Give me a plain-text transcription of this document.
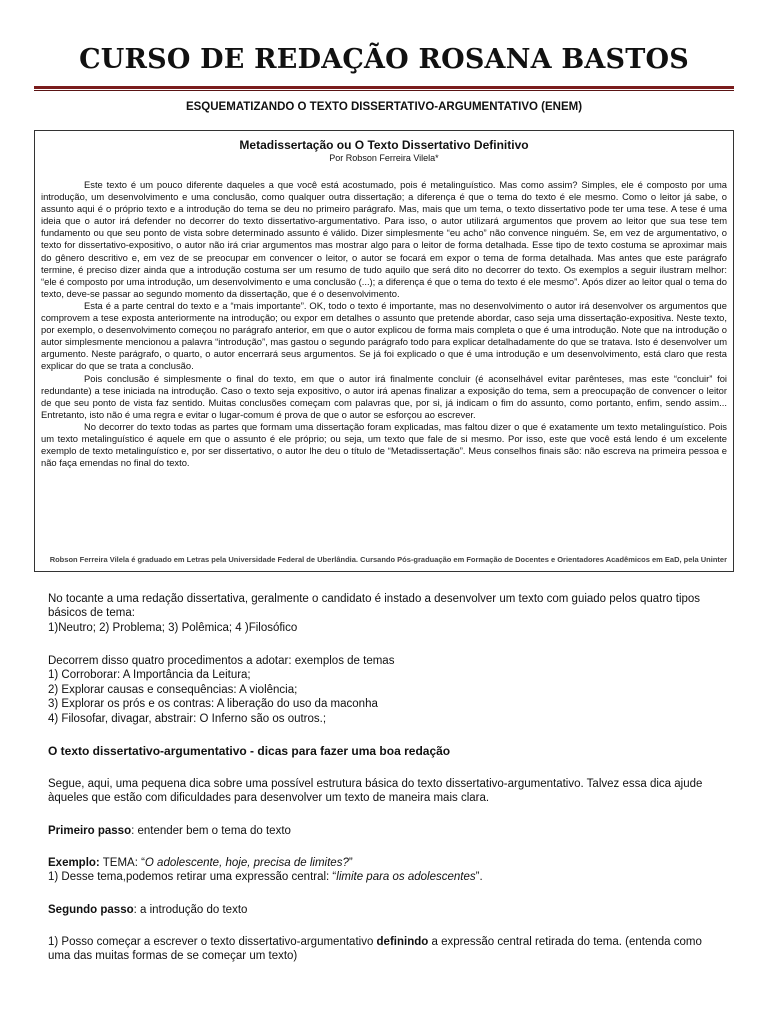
CURSO DE REDAÇÃO ROSANA BASTOS
ESQUEMATIZANDO O TEXTO DISSERTATIVO-ARGUMENTATIVO (ENEM)
Metadissertação ou O Texto Dissertativo Definitivo
Por Robson Ferreira Vilela*

Este texto é um pouco diferente daqueles a que você está acostumado, pois é metalinguístico. Mas como assim? Simples, ele é composto por uma introdução, um desenvolvimento e uma conclusão, como qualquer outra dissertação; a diferença é que o tema do texto é ele mesmo. Como o leitor já sabe, o assunto aqui é o próprio texto e a introdução do tema se deu no primeiro parágrafo. Mas, mais que um tema, o texto dissertativo pode ter uma tese. A tese é uma ideia que o autor irá defender no decorrer do texto dissertativo-argumentativo. Para isso, o autor utilizará argumentos que provem ao leitor que sua tese tem fundamento ou que seu ponto de vista sobre determinado assunto é válido. Dizer simplesmente “eu acho” não convence ninguém. Se, em vez de argumentativo, o texto for dissertativo-expositivo, o autor não irá criar argumentos mas mostrar algo para o leitor de forma detalhada. Esse tipo de texto costuma se aproximar mais do gênero descritivo e, em vez de se preocupar em convencer o leitor, o autor se focará em expor o tema de forma detalhada. Mas antes que este parágrafo termine, é preciso dizer ainda que a introdução costuma ser um resumo de tudo aquilo que será dito no decorrer do texto. Os exemplos a seguir ilustram melhor: “ele é composto por uma introdução, um desenvolvimento e uma conclusão (...); a diferença é que o tema do texto é ele mesmo”. Após dizer ao leitor qual o tema do texto, deve-se passar ao segundo momento da dissertação, que é o desenvolvimento.

Esta é a parte central do texto e a “mais importante”. OK, todo o texto é importante, mas no desenvolvimento o autor irá desenvolver os argumentos que comprovem a tese exposta anteriormente na introdução; ou expor em detalhes o assunto que pretende abordar, caso seja uma dissertação-expositiva. Neste texto, por exemplo, o desenvolvimento começou no parágrafo anterior, em que o autor explicou de forma mais completa o que é uma introdução. Note que na introdução o autor simplesmente mencionou a palavra “introdução”, mas gastou o segundo parágrafo todo para explicar detalhadamente do que se tratava. Isto é desenvolver um argumento. Neste parágrafo, o quarto, o autor encerrará seus argumentos. Se já foi explicado o que é uma introdução e um desenvolvimento, está claro que resta explicar do que se trata a conclusão.

Pois conclusão é simplesmente o final do texto, em que o autor irá finalmente concluir (é aconselhável evitar parênteses, mas este “concluir” foi redundante) a tese iniciada na introdução. Caso o texto seja expositivo, o autor irá apenas finalizar a exposição do tema, sem a preocupação de convencer o leitor de que seu ponto de vista faz sentido. Muitas conclusões começam com palavras que, por si, já indicam o fim do assunto, como portanto, enfim, sendo assim... Entretanto, isto não é uma regra e evitar o lugar-comum é prova de que o autor se esforçou ao escrever.

No decorrer do texto todas as partes que formam uma dissertação foram explicadas, mas faltou dizer o que é exatamente um texto metalinguístico. Pois um texto metalinguístico é aquele em que o assunto é ele próprio; ou seja, um texto que fale de si mesmo. Por isso, este que você está lendo é um excelente exemplo de texto metalinguístico e, por ser dissertativo, o autor lhe deu o título de “Metadissertação”. Meus conselhos finais são: não escreva na primeira pessoa e não faça emendas no final do texto.

Robson Ferreira Vilela é graduado em Letras pela Universidade Federal de Uberlândia. Cursando Pós-graduação em Formação de Docentes e Orientadores Acadêmicos em EaD, pela Uninter
No tocante a uma redação dissertativa, geralmente o candidato é instado a desenvolver um texto com guiado pelos quatro tipos
básicos de tema:
1)Neutro; 2) Problema; 3) Polêmica; 4 )Filosófico
Decorrem disso quatro procedimentos a adotar: exemplos de temas
1) Corroborar: A Importância da Leitura;
2) Explorar causas e consequências: A violência;
3) Explorar os prós e os contras: A liberação do uso da maconha
4) Filosofar, divagar, abstrair: O Inferno são os outros.;
O texto dissertativo-argumentativo - dicas para fazer uma boa redação
Segue, aqui, uma pequena dica sobre uma possível estrutura básica do texto dissertativo-argumentativo. Talvez essa dica ajude
àqueles que estão com dificuldades para desenvolver um texto de maneira mais clara.
Primeiro passo: entender bem o tema do texto
Exemplo: TEMA: “O adolescente, hoje, precisa de limites?”
1) Desse tema,podemos retirar uma expressão central: “limite para os adolescentes”.
Segundo passo: a introdução do texto
1) Posso começar a escrever o texto dissertativo-argumentativo definindo a expressão central retirada do tema. (entenda como
uma das muitas formas de se começar um texto)
